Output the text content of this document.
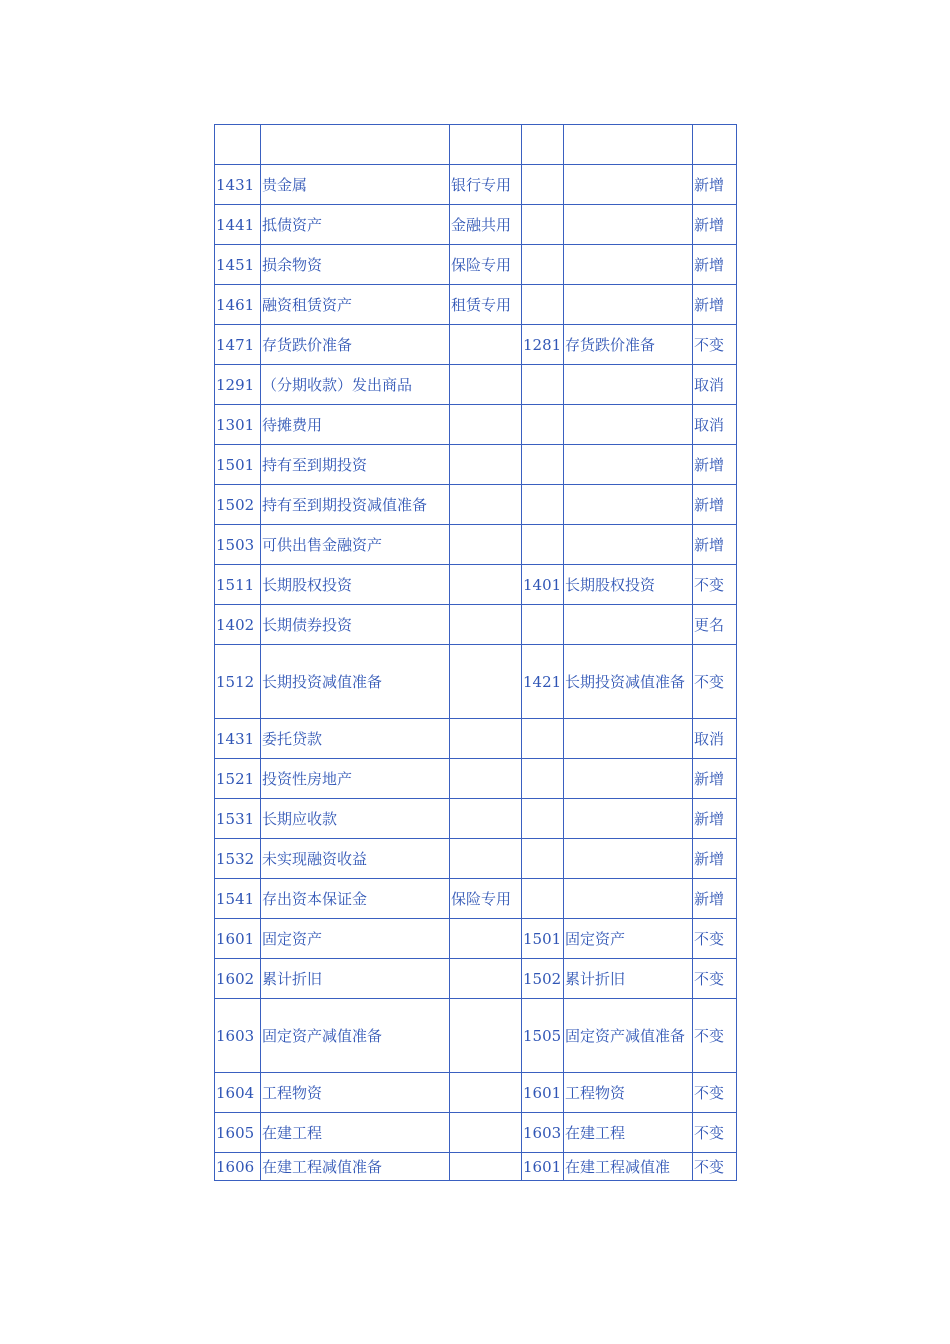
1431	贵金属	银行专用			新增
1441	抵债资产	金融共用			新增
1451	损余物资	保险专用			新增
1461	融资租赁资产	租赁专用			新增
1471	存货跌价准备		1281	存货跌价准备	不变
1291	（分期收款）发出商品				取消
1301	待摊费用				取消
1501	持有至到期投资				新增
1502	持有至到期投资减值准备				新增
1503	可供出售金融资产				新增
1511	长期股权投资		1401	长期股权投资	不变
1402	长期债券投资				更名
1512	长期投资减值准备		1421	长期投资减值准备	不变
1431	委托贷款				取消
1521	投资性房地产				新增
1531	长期应收款				新增
1532	未实现融资收益				新增
1541	存出资本保证金	保险专用			新增
1601	固定资产		1501	固定资产	不变
1602	累计折旧		1502	累计折旧	不变
1603	固定资产减值准备		1505	固定资产减值准备	不变
1604	工程物资		1601	工程物资	不变
1605	在建工程		1603	在建工程	不变
1606	在建工程减值准备		1601	在建工程减值准	不变
